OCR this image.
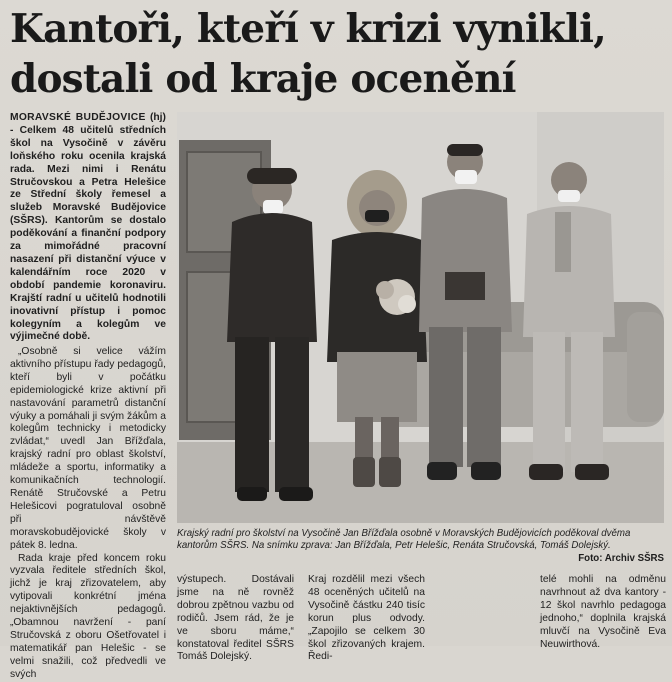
Kantoři, kteří v krizi vynikli,
dostali od kraje ocenění
MORAVSKÉ BUDĚJOVICE (hj) - Celkem 48 učitelů středních škol na Vysočině v závěru loňského roku ocenila krajská rada. Mezi nimi i Renátu Stručovskou a Petra Helešice ze Střední školy řemesel a služeb Moravské Budějovice (SŠRS). Kantorům se dostalo poděkování a finanční podpory za mimořádné pracovní nasazení při distanční výuce v kalendářním roce 2020 v období pandemie koronaviru. Krajští radní u učitelů hodnotili inovativní přístup i pomoc kolegyním a kolegům ve výjimečné době.

„Osobně si velice vážím aktivního přístupu řady pedagogů, kteří byli v počátku epidemiologické krize aktivní při nastavování parametrů distanční výuky a pomáhali ji svým žákům a kolegům technicky i metodicky zvládat,“ uvedl Jan Břížďala, krajský radní pro oblast školství, mládeže a sportu, informatiky a komunikačních technologií. Renátě Stručovské a Petru Helešicovi pogratuloval osobně při návštěvě moravskobudějovické školy v pátek 8. ledna.

Rada kraje před koncem roku vyzvala ředitele středních škol, jichž je kraj zřizovatelem, aby vytipovali konkrétní jména nejaktivnějších pedagogů. „Obamnou navržení - paní Stručovská z oboru Ošetřovatel i matematikář pan Helešic - se velmi snažili, což předvedli ve svých

Krajský radní pro školství na Vysočině Jan Břížďala osobně v Moravských Budějovicích poděkoval dvěma kantorům SŠRS. Na snímku zprava: Jan Břížďala, Petr Helešic, Renáta Stručovská, Tomáš Dolejský.
Foto: Archiv SŠRS

výstupech. Dostávali jsme na ně rovněž dobrou zpětnou vazbu od rodičů. Jsem rád, že je ve sboru máme,“ konstatoval ředitel SŠRS Tomáš Dolejský.

Kraj rozdělil mezi všech 48 oceněných učitelů na Vysočině částku 240 tisíc korun plus odvody. „Zapojilo se celkem 30 škol zřizovaných krajem. Ředi-

telé mohli na odměnu navrhnout až dva kantory - 12 škol navrhlo pedagoga jednoho,“ doplnila krajská mluvčí na Vysočině Eva Neuwirthová.
